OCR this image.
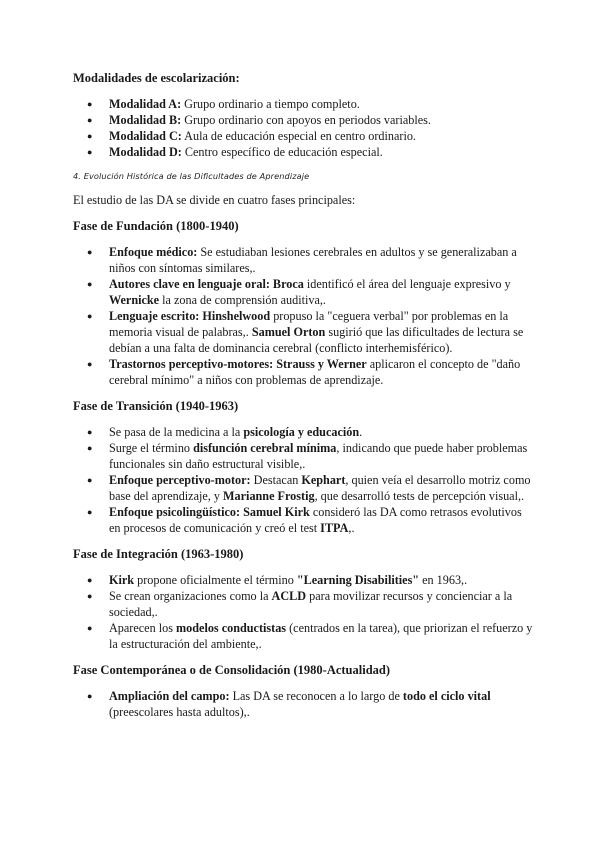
Modalidades de escolarización:
● Modalidad A: Grupo ordinario a tiempo completo.
● Modalidad B: Grupo ordinario con apoyos en periodos variables.
● Modalidad C: Aula de educación especial en centro ordinario.
● Modalidad D: Centro específico de educación especial.

4. Evolución Histórica de las Dificultades de Aprendizaje

El estudio de las DA se divide en cuatro fases principales:

Fase de Fundación (1800-1940)
● Enfoque médico: Se estudiaban lesiones cerebrales en adultos y se generalizaban a niños con síntomas similares,.
● Autores clave en lenguaje oral: Broca identificó el área del lenguaje expresivo y Wernicke la zona de comprensión auditiva,.
● Lenguaje escrito: Hinshelwood propuso la "ceguera verbal" por problemas en la memoria visual de palabras,. Samuel Orton sugirió que las dificultades de lectura se debían a una falta de dominancia cerebral (conflicto interhemisférico).
● Trastornos perceptivo-motores: Strauss y Werner aplicaron el concepto de "daño cerebral mínimo" a niños con problemas de aprendizaje.
Fase de Transición (1940-1963)
● Se pasa de la medicina a la psicología y educación.
● Surge el término disfunción cerebral mínima, indicando que puede haber problemas funcionales sin daño estructural visible,.
● Enfoque perceptivo-motor: Destacan Kephart, quien veía el desarrollo motriz como base del aprendizaje, y Marianne Frostig, que desarrolló tests de percepción visual,.
● Enfoque psicolingüístico: Samuel Kirk consideró las DA como retrasos evolutivos en procesos de comunicación y creó el test ITPA,.
Fase de Integración (1963-1980)
● Kirk propone oficialmente el término "Learning Disabilities" en 1963,.
● Se crean organizaciones como la ACLD para movilizar recursos y concienciar a la sociedad,.
● Aparecen los modelos conductistas (centrados en la tarea), que priorizan el refuerzo y la estructuración del ambiente,.
Fase Contemporánea o de Consolidación (1980-Actualidad)
● Ampliación del campo: Las DA se reconocen a lo largo de todo el ciclo vital (preescolares hasta adultos),.
